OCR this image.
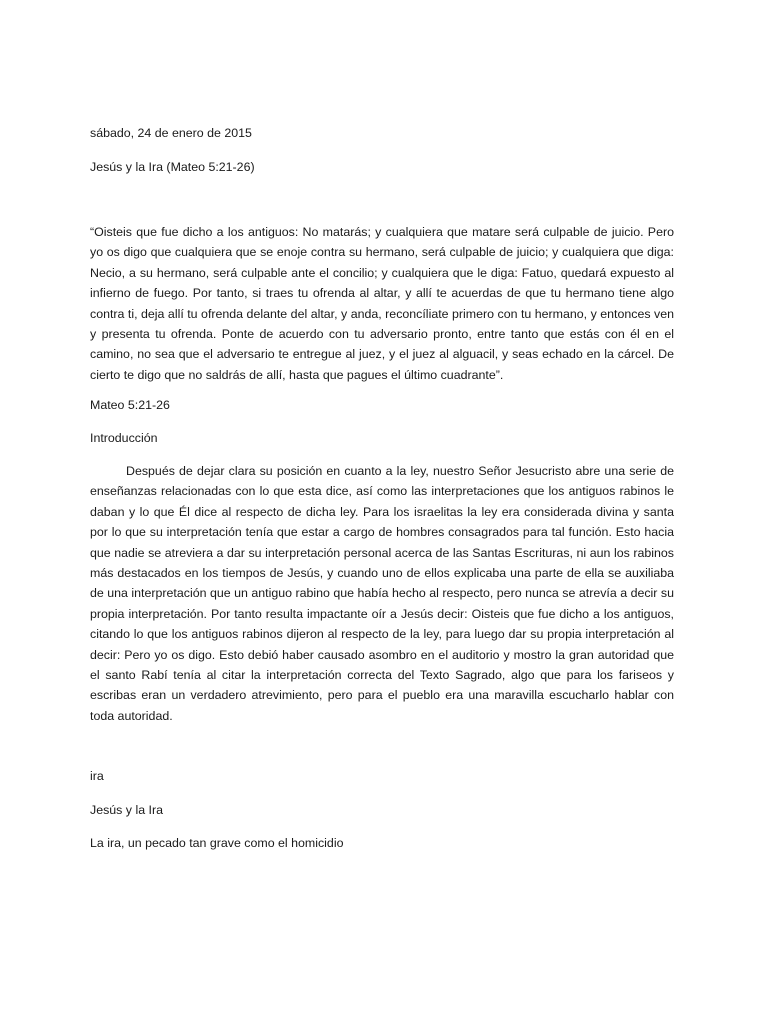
sábado, 24 de enero de 2015
Jesús y la Ira (Mateo 5:21-26)
“Oisteis que fue dicho a los antiguos: No matarás; y cualquiera que matare será culpable de juicio. Pero yo os digo que cualquiera que se enoje contra su hermano, será culpable de juicio; y cualquiera que diga: Necio, a su hermano, será culpable ante el concilio; y cualquiera que le diga: Fatuo, quedará expuesto al infierno de fuego. Por tanto, si traes tu ofrenda al altar, y allí te acuerdas de que tu hermano tiene algo contra ti, deja allí tu ofrenda delante del altar, y anda, reconcíliate primero con tu hermano, y entonces ven y presenta tu ofrenda. Ponte de acuerdo con tu adversario pronto, entre tanto que estás con él en el camino, no sea que el adversario te entregue al juez, y el juez al alguacil, y seas echado en la cárcel. De cierto te digo que no saldrás de allí, hasta que pagues el último cuadrante”.
Mateo 5:21-26
Introducción
Después de dejar clara su posición en cuanto a la ley, nuestro Señor Jesucristo abre una serie de enseñanzas relacionadas con lo que esta dice, así como las interpretaciones que los antiguos rabinos le daban y lo que Él dice al respecto de dicha ley. Para los israelitas la ley era considerada divina y santa por lo que su interpretación tenía que estar a cargo de hombres consagrados para tal función. Esto hacia que nadie se atreviera a dar su interpretación personal acerca de las Santas Escrituras, ni aun los rabinos más destacados en los tiempos de Jesús, y cuando uno de ellos explicaba una parte de ella se auxiliaba de una interpretación que un antiguo rabino que había hecho al respecto, pero nunca se atrevía a decir su propia interpretación. Por tanto resulta impactante oír a Jesús decir: Oisteis que fue dicho a los antiguos, citando lo que los antiguos rabinos dijeron al respecto de la ley, para luego dar su propia interpretación al decir: Pero yo os digo. Esto debió haber causado asombro en el auditorio y mostro la gran autoridad que el santo Rabí tenía al citar la interpretación correcta del Texto Sagrado, algo que para los fariseos y escribas eran un verdadero atrevimiento, pero para el pueblo era una maravilla escucharlo hablar con toda autoridad.
ira
Jesús y la Ira
La ira, un pecado tan grave como el homicidio
